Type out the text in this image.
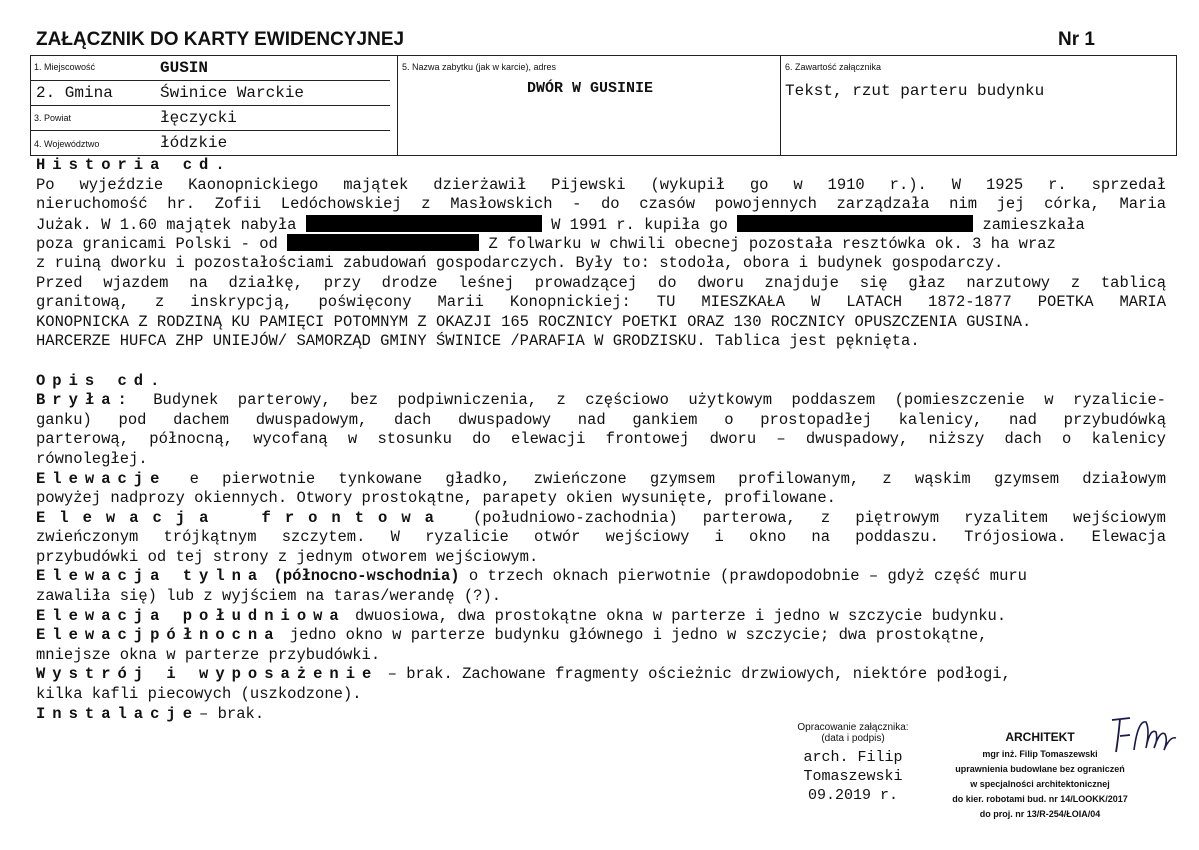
ZAŁĄCZNIK DO KARTY EWIDENCYJNEJ	Nr 1
1. Miejscowość	GUSIN
2. Gmina	Świnice Warckie
3. Powiat	łęczycki
4. Województwo	łódzkie
5. Nazwa zabytku (jak w karcie), adres
DWÓR W GUSINIE
6. Zawartość załącznika
Tekst, rzut parteru budynku
Historia cd.
Po wyjeździe Kaonopnickiego majątek dzierżawił Pijewski (wykupił go w 1910 r.). W 1925 r. sprzedał
nieruchomość hr. Zofii Ledóchowskiej z Masłowskich - do czasów powojennych zarządzała nim jej córka, Maria
Jużak. W 1.60 majątek nabyła	W 1991 r. kupiła go	zamieszkała
poza granicami Polski - od	Z folwarku w chwili obecnej pozostała resztówka ok. 3 ha wraz
z ruiną dworku i pozostałościami zabudowań gospodarczych. Były to: stodoła, obora i budynek gospodarczy.
Przed wjazdem na działkę, przy drodze leśnej prowadzącej do dworu znajduje się głaz narzutowy z tablicą
granitową, z inskrypcją, poświęcony Marii Konopnickiej: TU MIESZKAŁA W LATACH 1872-1877 POETKA MARIA
KONOPNICKA Z RODZINĄ KU PAMIĘCI POTOMNYM Z OKAZJI 165 ROCZNICY POETKI ORAZ 130 ROCZNICY OPUSZCZENIA GUSINA.
HARCERZE HUFCA ZHP UNIEJÓW/ SAMORZĄD GMINY ŚWINICE /PARAFIA W GRODZISKU. Tablica jest pęknięta.
Opis cd.
Bryła: Budynek parterowy, bez podpiwniczenia, z częściowo użytkowym poddaszem (pomieszczenie w ryzalicie-
ganku) pod dachem dwuspadowym, dach dwuspadowy nad gankiem o prostopadłej kalenicy, nad przybudówką
parterową, północną, wycofaną w stosunku do elewacji frontowej dworu – dwuspadowy, niższy dach o kalenicy
równoległej.
Elewacje e pierwotnie tynkowane gładko, zwieńczone gzymsem profilowanym, z wąskim gzymsem działowym
powyżej nadprozy okiennych. Otwory prostokątne, parapety okien wysunięte, profilowane.
Elewacja frontowa (południowo-zachodnia) parterowa, z piętrowym ryzalitem wejściowym
zwieńczonym trójkątnym szczytem. W ryzalicie otwór wejściowy i okno na poddaszu. Trójosiowa. Elewacja
przybudówki od tej strony z jednym otworem wejściowym.
Elewacja tylna (północno-wschodnia) o trzech oknach pierwotnie (prawdopodobnie – gdyż część muru
zawaliła się) lub z wyjściem na taras/werandę (?).
Elewacja południowa dwuosiowa, dwa prostokątne okna w parterze i jedno w szczycie budynku.
Elewacjpółnocna jedno okno w parterze budynku głównego i jedno w szczycie; dwa prostokątne,
mniejsze okna w parterze przybudówki.
Wystrój i wyposażenie – brak. Zachowane fragmenty ościeżnic drzwiowych, niektóre podłogi,
kilka kafli piecowych (uszkodzone).
Instalacje– brak.
Opracowanie załącznika:
(data i podpis)
arch. Filip
Tomaszewski
09.2019 r.
ARCHITEKT
mgr inż. Filip Tomaszewski
uprawnienia budowlane bez ograniczeń
w specjalności architektonicznej
do kier. robotami bud. nr 14/LOOKK/2017
do proj. nr 13/R-254/ŁOIA/04
